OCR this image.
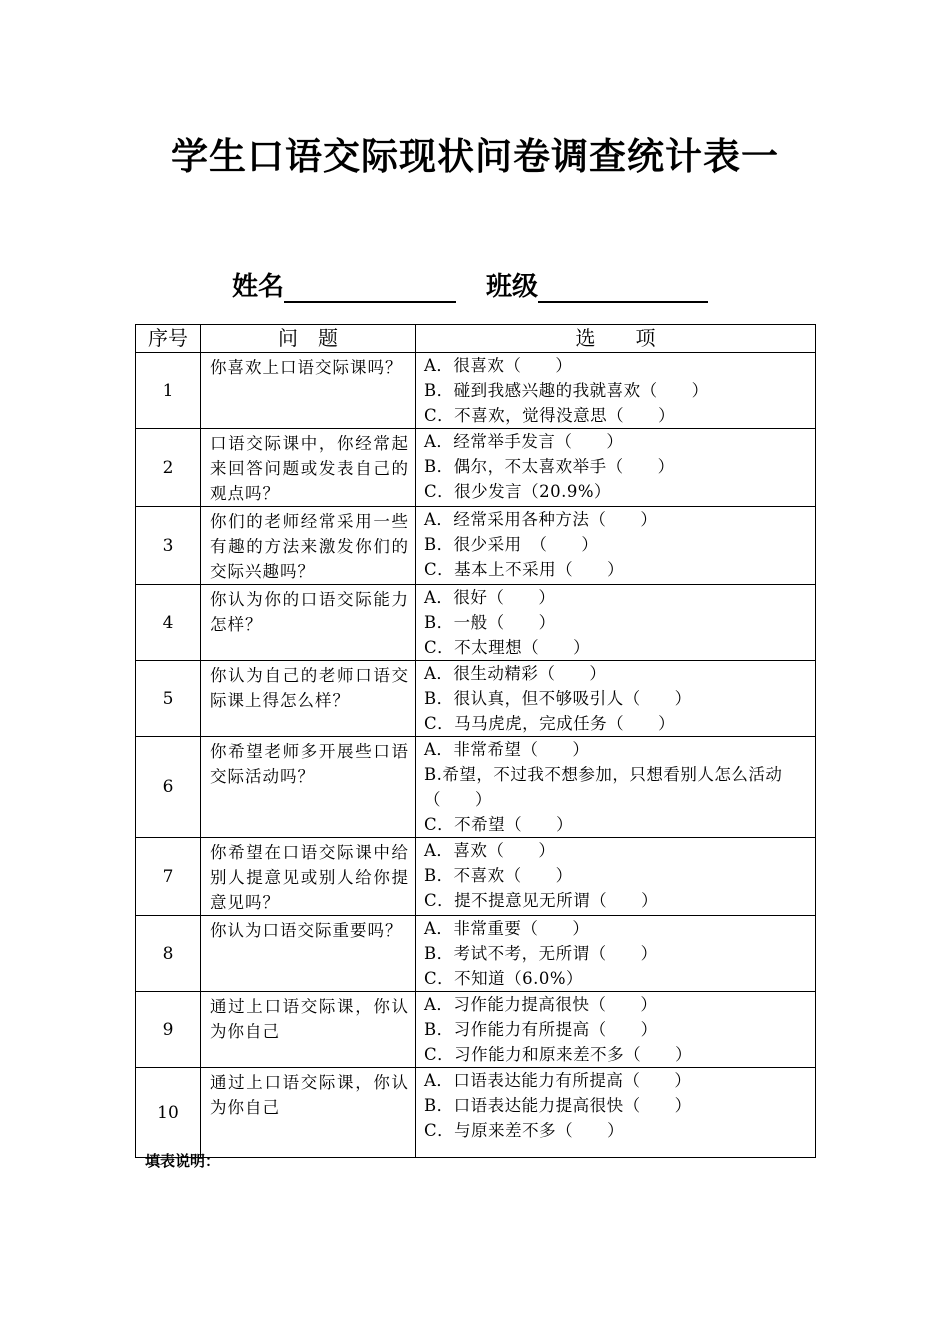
学生口语交际现状问卷调查统计表一
姓名	班级
序号	问　题	选　　项
1	你喜欢上口语交际课吗？	A．很喜欢（　　）
B．碰到我感兴趣的我就喜欢（　　）
C．不喜欢，觉得没意思（　　）

2	口语交际课中，你经常起来回答问题或发表自己的观点吗？	A．经常举手发言（　　）
B．偶尔，不太喜欢举手（　　）
C．很少发言（20.9%）

3	你们的老师经常采用一些有趣的方法来激发你们的交际兴趣吗？	A．经常采用各种方法（　　）
B．很少采用　（　　）
C．基本上不采用（　　）

4	你认为你的口语交际能力怎样？	A．很好（　　）
B．一般（　　）
C．不太理想（　　）

5	你认为自己的老师口语交际课上得怎么样？	A．很生动精彩（　　）
B．很认真，但不够吸引人（　　）
C．马马虎虎，完成任务（　　）

6	你希望老师多开展些口语交际活动吗？	A．非常希望（　　）
B.希望，不过我不想参加，只想看别人怎么活动（　　）
C．不希望（　　）

7	你希望在口语交际课中给别人提意见或别人给你提意见吗？	A．喜欢（　　）
B．不喜欢（　　）
C．提不提意见无所谓（　　）

8	你认为口语交际重要吗？	A．非常重要（　　）
B．考试不考，无所谓（　　）
C．不知道（6.0%）

9	通过上口语交际课，你认为你自己	A．习作能力提高很快（　　）
B．习作能力有所提高（　　）
C．习作能力和原来差不多（　　）

10	通过上口语交际课，你认为你自己	A．口语表达能力有所提高（　　）
B．口语表达能力提高很快（　　）
C．与原来差不多（　　）
填表说明：
